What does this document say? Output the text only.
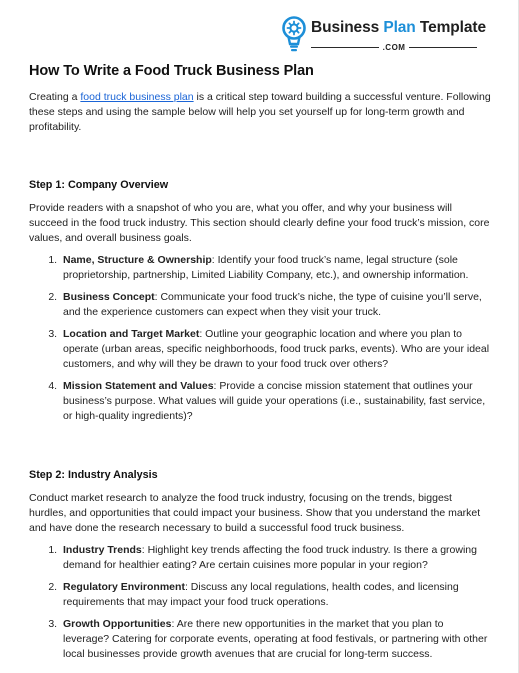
Business Plan Template
.COM
How To Write a Food Truck Business Plan

Creating a food truck business plan is a critical step toward building a successful venture. Following these steps and using the sample below will help you set yourself up for long-term growth and profitability.

Step 1: Company Overview

Provide readers with a snapshot of who you are, what you offer, and why your business will succeed in the food truck industry. This section should clearly define your food truck’s mission, core values, and overall business goals.

1. Name, Structure & Ownership: Identify your food truck’s name, legal structure (sole proprietorship, partnership, Limited Liability Company, etc.), and ownership information.
2. Business Concept: Communicate your food truck’s niche, the type of cuisine you’ll serve, and the experience customers can expect when they visit your truck.
3. Location and Target Market: Outline your geographic location and where you plan to operate (urban areas, specific neighborhoods, food truck parks, events). Who are your ideal customers, and why will they be drawn to your food truck over others?
4. Mission Statement and Values: Provide a concise mission statement that outlines your business’s purpose. What values will guide your operations (i.e., sustainability, fast service, or high-quality ingredients)?
Step 2: Industry Analysis

Conduct market research to analyze the food truck industry, focusing on the trends, biggest hurdles, and opportunities that could impact your business. Show that you understand the market and have done the research necessary to build a successful food truck business.

1. Industry Trends: Highlight key trends affecting the food truck industry. Is there a growing demand for healthier eating? Are certain cuisines more popular in your region?
2. Regulatory Environment: Discuss any local regulations, health codes, and licensing requirements that may impact your food truck operations.
3. Growth Opportunities: Are there new opportunities in the market that you plan to leverage? Catering for corporate events, operating at food festivals, or partnering with other local businesses provide growth avenues that are crucial for long-term success.
